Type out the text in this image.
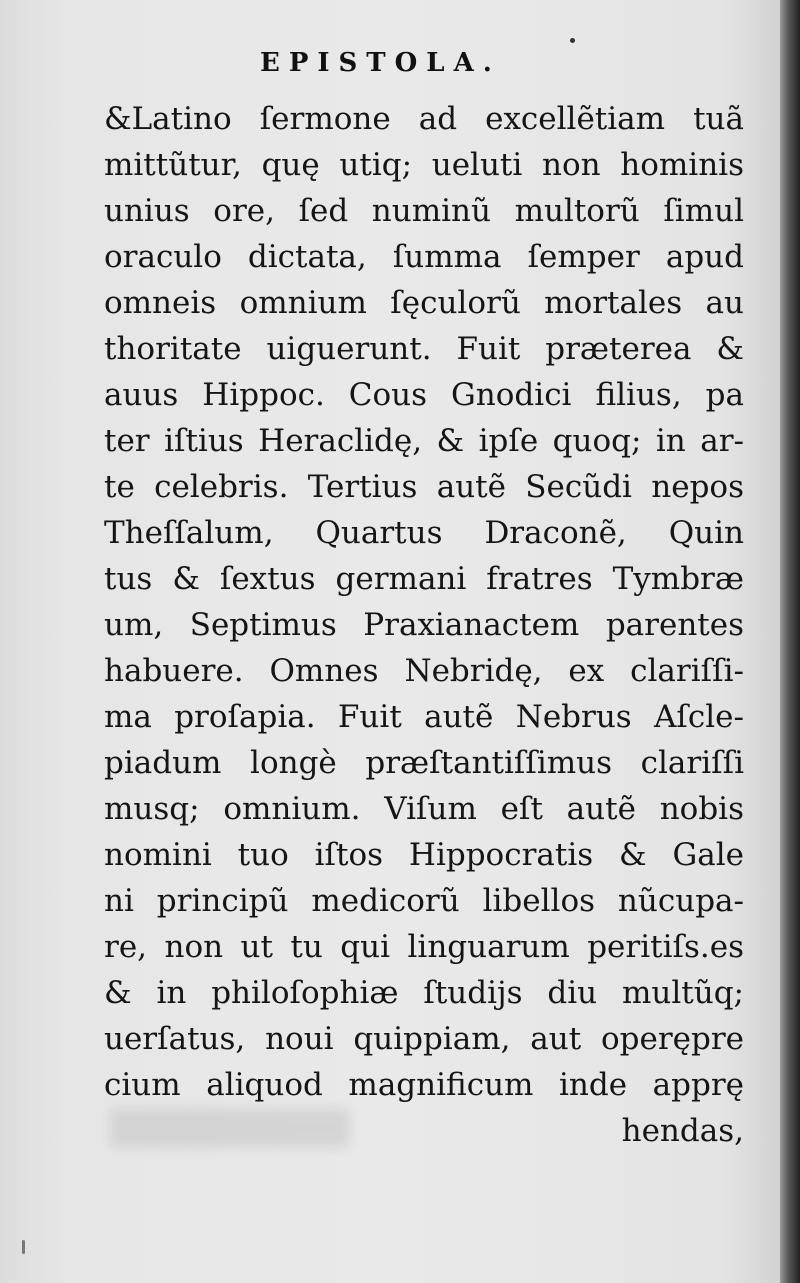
EPISTOLA.
&Latino ſermone ad excellẽtiam tuã
mittũtur, quę utiq; ueluti non hominis
unius ore, ſed numinũ multorũ ſimul
oraculo dictata, ſumma ſemper apud
omneis omnium ſęculorũ mortales au
thoritate uiguerunt. Fuit præterea &
auus Hippoc. Cous Gnodici filius, pa
ter iſtius Heraclidę, & ipſe quoq; in ar-
te celebris. Tertius autẽ Secũdi nepos
Theſſalum, Quartus Draconẽ, Quin
tus & ſextus germani fratres Tymbræ
um, Septimus Praxianactem parentes
habuere. Omnes Nebridę, ex clariſſi-
ma proſapia. Fuit autẽ Nebrus Aſcle-
piadum longè præſtantiſſimus clariſſi
musq; omnium. Viſum eſt autẽ nobis
nomini tuo iſtos Hippocratis & Gale
ni principũ medicorũ libellos nũcupa-
re, non ut tu qui linguarum peritiſs.es
& in philoſophiæ ſtudijs diu multũq;
uerſatus, noui quippiam, aut operępre
cium aliquod magnificum inde apprę
hendas,
